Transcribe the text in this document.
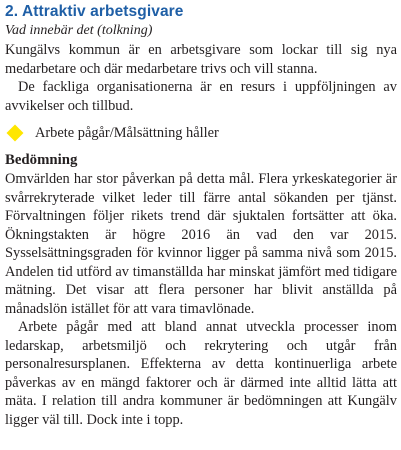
2. Attraktiv arbetsgivare
Vad innebär det (tolkning)

Kungälvs kommun är en arbetsgivare som lockar till sig nya medarbetare och där medarbetare trivs och vill stanna.

De fackliga organisationerna är en resurs i uppföljningen av avvikelser och tillbud.

Arbete pågår/Målsättning håller
Bedömning

Omvärlden har stor påverkan på detta mål. Flera yrkeskategorier är svårrekryterade vilket leder till färre antal sökanden per tjänst. Förvaltningen följer rikets trend där sjuktalen fortsätter att öka. Ökningstakten är högre 2016 än vad den var 2015. Sysselsättningsgraden för kvinnor ligger på samma nivå som 2015. Andelen tid utförd av timanställda har minskat jämfört med tidigare mätning. Det visar att flera personer har blivit anställda på månadslön istället för att vara timavlönade.

Arbete pågår med att bland annat utveckla processer inom ledarskap, arbetsmiljö och rekrytering och utgår från personalresursplanen. Effekterna av detta kontinuerliga arbete påverkas av en mängd faktorer och är därmed inte alltid lätta att mäta. I relation till andra kommuner är bedömningen att Kungälv ligger väl till. Dock inte i topp.
